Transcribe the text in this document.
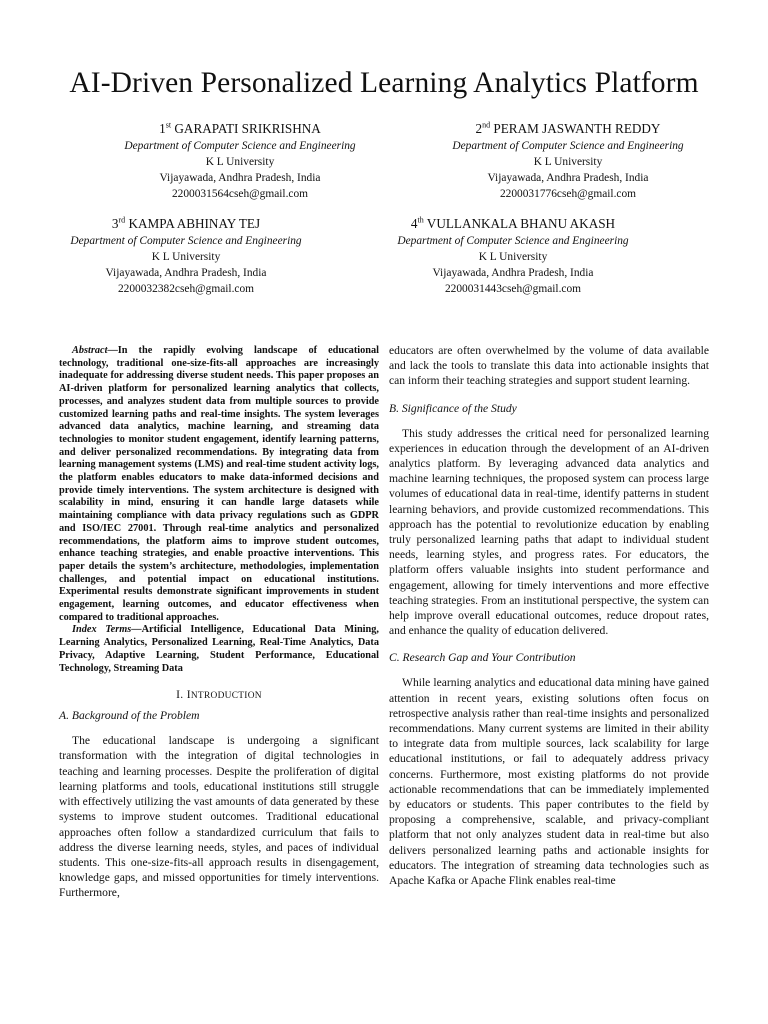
AI-Driven Personalized Learning Analytics Platform
1st GARAPATI SRIKRISHNA
Department of Computer Science and Engineering
K L University
Vijayawada, Andhra Pradesh, India
2200031564cseh@gmail.com
2nd PERAM JASWANTH REDDY
Department of Computer Science and Engineering
K L University
Vijayawada, Andhra Pradesh, India
2200031776cseh@gmail.com
3rd KAMPA ABHINAY TEJ
Department of Computer Science and Engineering
K L University
Vijayawada, Andhra Pradesh, India
2200032382cseh@gmail.com
4th VULLANKALA BHANU AKASH
Department of Computer Science and Engineering
K L University
Vijayawada, Andhra Pradesh, India
2200031443cseh@gmail.com

Abstract—In the rapidly evolving landscape of educational technology, traditional one-size-fits-all approaches are increasingly inadequate for addressing diverse student needs. This paper proposes an AI-driven platform for personalized learning analytics that collects, processes, and analyzes student data from multiple sources to provide customized learning paths and real-time insights. The system leverages advanced data analytics, machine learning, and streaming data technologies to monitor student engagement, identify learning patterns, and deliver personalized recommendations. By integrating data from learning management systems (LMS) and real-time student activity logs, the platform enables educators to make data-informed decisions and provide timely interventions. The system architecture is designed with scalability in mind, ensuring it can handle large datasets while maintaining compliance with data privacy regulations such as GDPR and ISO/IEC 27001. Through real-time analytics and personalized recommendations, the platform aims to improve student outcomes, enhance teaching strategies, and enable proactive interventions. This paper details the system’s architecture, methodologies, implementation challenges, and potential impact on educational institutions. Experimental results demonstrate significant improvements in student engagement, learning outcomes, and educator effectiveness when compared to traditional approaches.

Index Terms—Artificial Intelligence, Educational Data Mining, Learning Analytics, Personalized Learning, Real-Time Analytics, Data Privacy, Adaptive Learning, Student Performance, Educational Technology, Streaming Data

I. INTRODUCTION
A. Background of the Problem

The educational landscape is undergoing a significant transformation with the integration of digital technologies in teaching and learning processes. Despite the proliferation of digital learning platforms and tools, educational institutions still struggle with effectively utilizing the vast amounts of data generated by these systems to improve student outcomes. Traditional educational approaches often follow a standardized curriculum that fails to address the diverse learning needs, styles, and paces of individual students. This one-size-fits-all approach results in disengagement, knowledge gaps, and missed opportunities for timely interventions. Furthermore,

educators are often overwhelmed by the volume of data available and lack the tools to translate this data into actionable insights that can inform their teaching strategies and support student learning.

B. Significance of the Study

This study addresses the critical need for personalized learning experiences in education through the development of an AI-driven analytics platform. By leveraging advanced data analytics and machine learning techniques, the proposed system can process large volumes of educational data in real-time, identify patterns in student learning behaviors, and provide customized recommendations. This approach has the potential to revolutionize education by enabling truly personalized learning paths that adapt to individual student needs, learning styles, and progress rates. For educators, the platform offers valuable insights into student performance and engagement, allowing for timely interventions and more effective teaching strategies. From an institutional perspective, the system can help improve overall educational outcomes, reduce dropout rates, and enhance the quality of education delivered.

C. Research Gap and Your Contribution

While learning analytics and educational data mining have gained attention in recent years, existing solutions often focus on retrospective analysis rather than real-time insights and personalized recommendations. Many current systems are limited in their ability to integrate data from multiple sources, lack scalability for large educational institutions, or fail to adequately address privacy concerns. Furthermore, most existing platforms do not provide actionable recommendations that can be immediately implemented by educators or students. This paper contributes to the field by proposing a comprehensive, scalable, and privacy-compliant platform that not only analyzes student data in real-time but also delivers personalized learning paths and actionable insights for educators. The integration of streaming data technologies such as Apache Kafka or Apache Flink enables real-time
